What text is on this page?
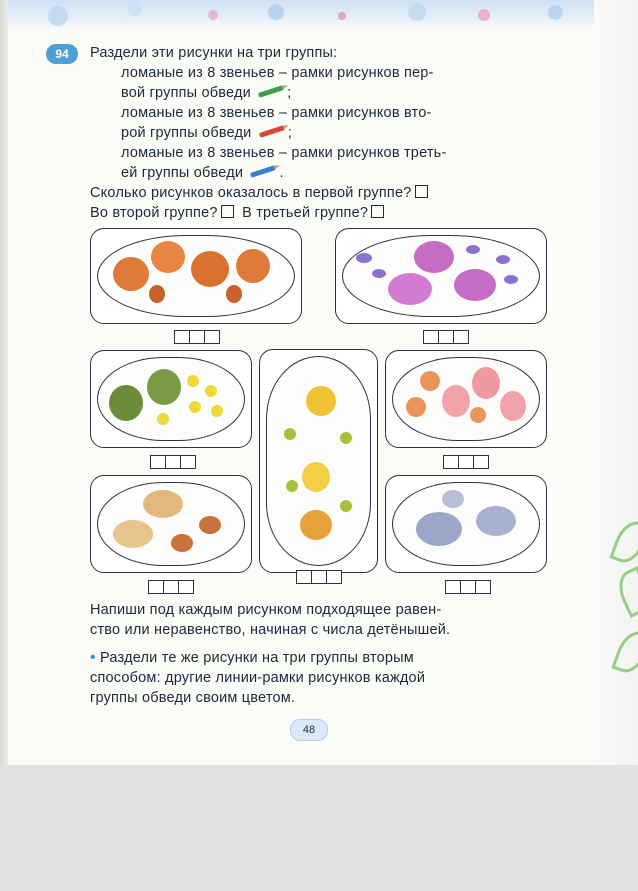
94	Раздели эти рисунки на три группы:
ломаные из 8 звеньев – рамки рисунков пер-
вой группы обведи ;
ломаные из 8 звеньев – рамки рисунков вто-
рой группы обведи ;
ломаные из 8 звеньев – рамки рисунков треть-
ей группы обведи .
Сколько рисунков оказалось в первой группе?
Во второй группе? В третьей группе?
Напиши под каждым рисунком подходящее равен-
ство или неравенство, начиная с числа детёнышей.
• Раздели те же рисунки на три группы вторым
способом: другие линии-рамки рисунков каждой
группы обведи своим цветом.
48
